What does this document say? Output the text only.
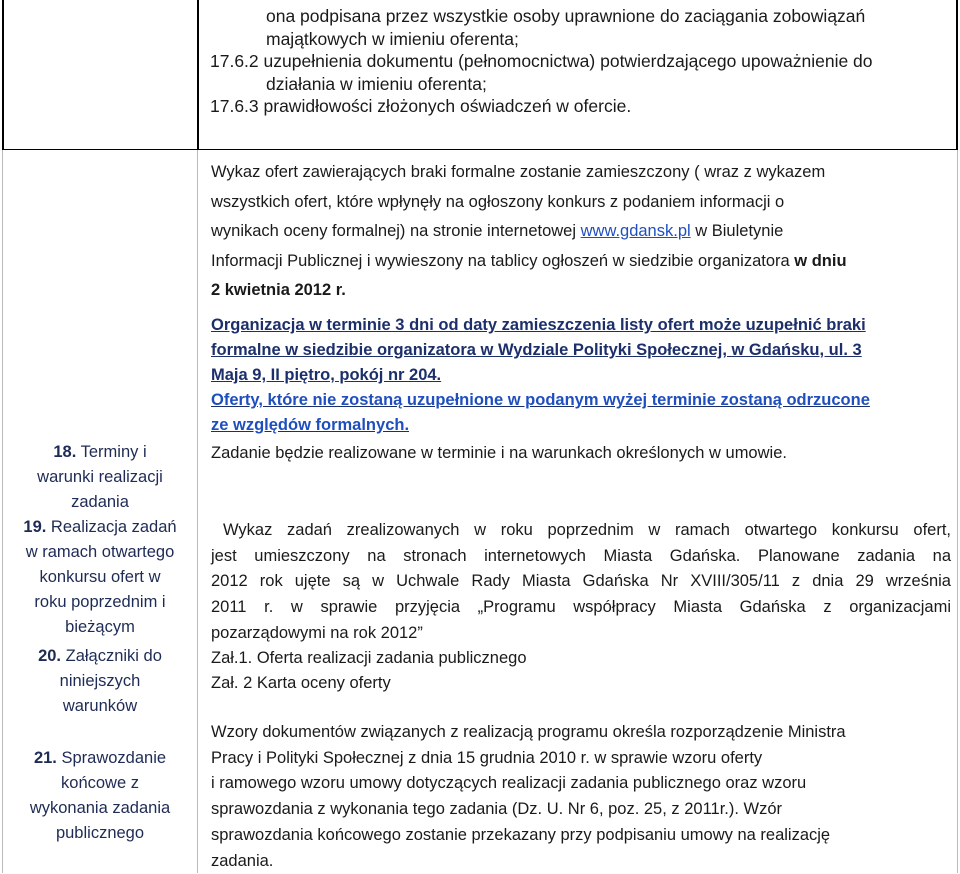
ona podpisana przez wszystkie osoby uprawnione do zaciągania zobowiązań
majątkowych w imieniu oferenta;
17.6.2 uzupełnienia dokumentu (pełnomocnictwa) potwierdzającego upoważnienie do
działania w imieniu oferenta;
17.6.3 prawidłowości złożonych oświadczeń w ofercie.
Wykaz ofert zawierających braki formalne zostanie zamieszczony ( wraz z wykazem
wszystkich ofert, które wpłynęły na ogłoszony konkurs z podaniem informacji o
wynikach oceny formalnej) na stronie internetowej www.gdansk.pl w Biuletynie
Informacji Publicznej i wywieszony na tablicy ogłoszeń w siedzibie organizatora w dniu
2 kwietnia 2012 r.
Organizacja w terminie 3 dni od daty zamieszczenia listy ofert może uzupełnić braki
formalne w siedzibie organizatora w Wydziale Polityki Społecznej, w Gdańsku, ul. 3
Maja 9, II piętro, pokój nr 204.
Oferty, które nie zostaną uzupełnione w podanym wyżej terminie zostaną odrzucone
ze względów formalnych.
18. Terminy i
warunki realizacji
zadania
Zadanie będzie realizowane w terminie i na warunkach określonych w umowie.
19. Realizacja zadań
w ramach otwartego
konkursu ofert w
roku poprzednim i
bieżącym
Wykaz zadań zrealizowanych w roku poprzednim w ramach otwartego konkursu ofert,
jest umieszczony na stronach internetowych Miasta Gdańska. Planowane zadania na
2012 rok ujęte są w Uchwale Rady Miasta Gdańska Nr XVIII/305/11 z dnia 29 września
2011 r. w sprawie przyjęcia „Programu współpracy Miasta Gdańska z organizacjami
pozarządowymi na rok 2012”
20. Załączniki do
niniejszych
warunków
Zał.1. Oferta realizacji zadania publicznego
Zał. 2 Karta oceny oferty
21. Sprawozdanie
końcowe z
wykonania zadania
publicznego
Wzory dokumentów związanych z realizacją programu określa rozporządzenie Ministra
Pracy i Polityki Społecznej z dnia 15 grudnia 2010 r. w sprawie wzoru oferty
i ramowego wzoru umowy dotyczących realizacji zadania publicznego oraz wzoru
sprawozdania z wykonania tego zadania (Dz. U. Nr 6, poz. 25, z 2011r.). Wzór
sprawozdania końcowego zostanie przekazany przy podpisaniu umowy na realizację
zadania.
